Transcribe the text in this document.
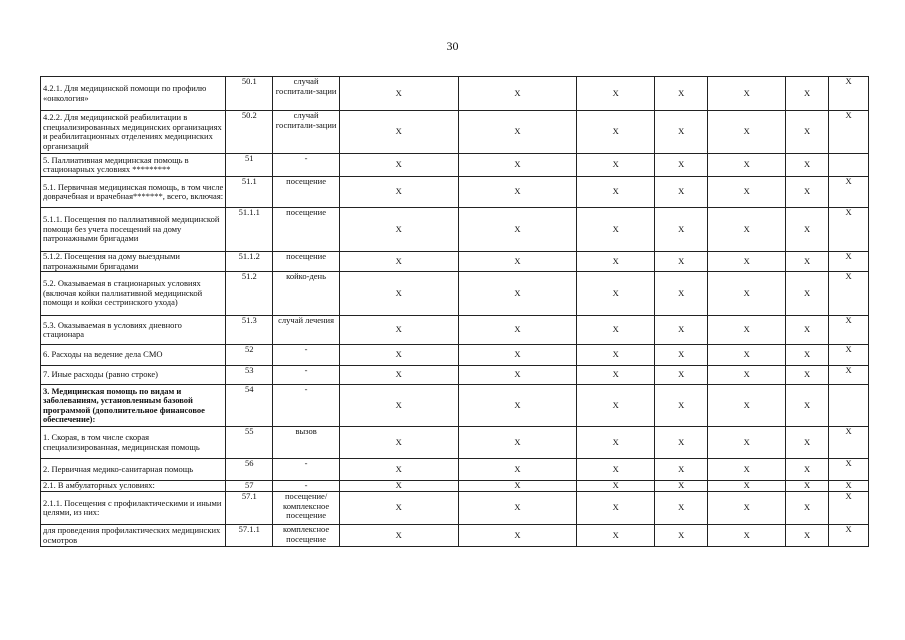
30
4.2.1. Для медицинской помощи по профилю «онкология»	50.1	случай госпитали-зации	Х	Х	Х	Х	Х	Х	Х
4.2.2. Для медицинской реабилитации в специализированных медицинских организациях и реабилитационных отделениях медицинских организаций	50.2	случай госпитали-зации	Х	Х	Х	Х	Х	Х	Х
5. Паллиативная медицинская помощь в стационарных условиях *********	51	-	Х	Х	Х	Х	Х	Х	
5.1. Первичная медицинская помощь, в том числе доврачебная и врачебная*******, всего, включая:	51.1	посещение	Х	Х	Х	Х	Х	Х	Х
5.1.1. Посещения по паллиативной медицинской помощи без учета посещений на дому патронажными бригадами	51.1.1	посещение	Х	Х	Х	Х	Х	Х	Х
5.1.2. Посещения на дому выездными патронажными бригадами	51.1.2	посещение	Х	Х	Х	Х	Х	Х	Х
5.2. Оказываемая в стационарных условиях (включая койки паллиативной медицинской помощи и койки сестринского ухода)	51.2	койко-день	Х	Х	Х	Х	Х	Х	Х
5.3. Оказываемая в условиях дневного стационара	51.3	случай лечения	Х	Х	Х	Х	Х	Х	Х
6. Расходы на ведение дела СМО	52	-	Х	Х	Х	Х	Х	Х	Х
7. Иные расходы (равно строке)	53	-	Х	Х	Х	Х	Х	Х	Х
3. Медицинская помощь по видам и заболеваниям, установленным базовой программой (дополнительное финансовое обеспечение):	54	-	Х	Х	Х	Х	Х	Х	
1. Скорая, в том числе скорая специализированная, медицинская помощь	55	вызов	Х	Х	Х	Х	Х	Х	Х
2. Первичная медико-санитарная помощь	56	-	Х	Х	Х	Х	Х	Х	Х
2.1. В амбулаторных условиях:	57	-	Х	Х	Х	Х	Х	Х	Х
2.1.1. Посещения с профилактическими и иными целями, из них:	57.1	посещение/ комплексное посещение	Х	Х	Х	Х	Х	Х	Х
для проведения профилактических медицинских осмотров	57.1.1	комплексное посещение	Х	Х	Х	Х	Х	Х	Х
